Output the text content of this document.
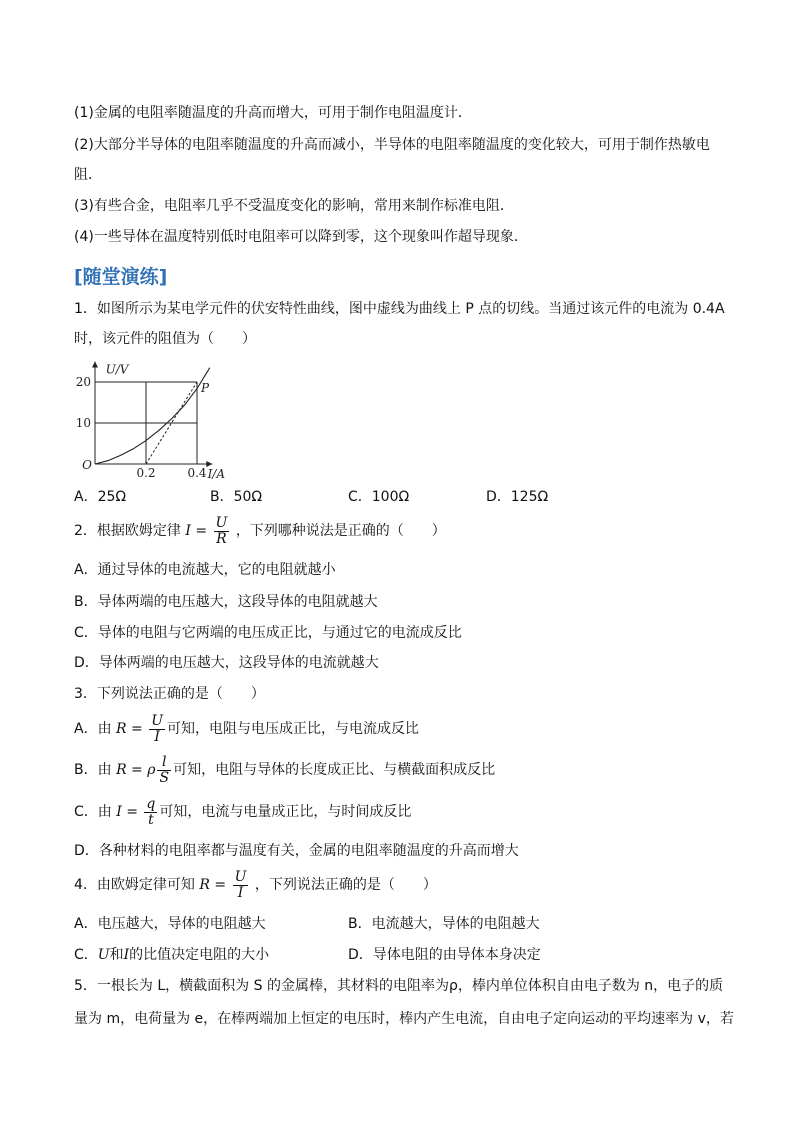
(1)金属的电阻率随温度的升高而增大，可用于制作电阻温度计．
(2)大部分半导体的电阻率随温度的升高而减小，半导体的电阻率随温度的变化较大，可用于制作热敏电
阻．
(3)有些合金，电阻率几乎不受温度变化的影响，常用来制作标准电阻．
(4)一些导体在温度特别低时电阻率可以降到零，这个现象叫作超导现象．
[随堂演练]
1．如图所示为某电学元件的伏安特性曲线，图中虚线为曲线上 P 点的切线。当通过该元件的电流为 0.4A
时，该元件的阻值为（　　）
O
I/A
U/V
0.2	0.4
10
20	P
A．25Ω	B．50Ω	C．100Ω	D．125Ω
2．根据欧姆定律 $I = \frac{U}{R}$ ，下列哪种说法是正确的（　　）
A．通过导体的电流越大，它的电阻就越小
B．导体两端的电压越大，这段导体的电阻就越大
C．导体的电阻与它两端的电压成正比，与通过它的电流成反比
D．导体两端的电压越大，这段导体的电流就越大
3．下列说法正确的是（　　）
A．由 $R = \frac{U}{I}$ 可知，电阻与电压成正比，与电流成反比
B．由 R = ρ $\frac{l}{S}$ 可知，电阻与导体的长度成正比、与横截面积成反比
C．由 $I = \frac{q}{t}$ 可知，电流与电量成正比，与时间成反比
D．各种材料的电阻率都与温度有关，金属的电阻率随温度的升高而增大
4．由欧姆定律可知 $R = \frac{U}{I}$ ，下列说法正确的是（　　）
A．电压越大，导体的电阻越大	B．电流越大，导体的电阻越大
C．U和I的比值决定电阻的大小	D．导体电阻的由导体本身决定
5．一根长为 L，横截面积为 S 的金属棒，其材料的电阻率为ρ，棒内单位体积自由电子数为 n，电子的质
量为 m，电荷量为 e，在棒两端加上恒定的电压时，棒内产生电流，自由电子定向运动的平均速率为 v，若
